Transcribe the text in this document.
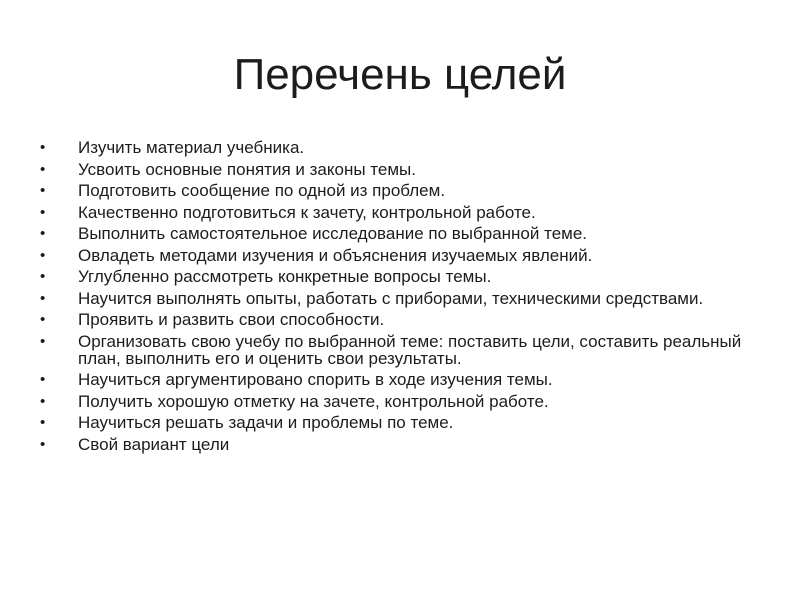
Перечень целей
•	Изучить материал учебника.
•	Усвоить основные понятия и законы темы.
•	Подготовить сообщение по одной из проблем.
•	Качественно подготовиться к зачету, контрольной работе.
•	Выполнить самостоятельное исследование по выбранной теме.
•	Овладеть методами изучения и объяснения изучаемых явлений.
•	Углубленно рассмотреть конкретные вопросы темы.
•	Научится выполнять опыты, работать с приборами, техническими средствами.
•	Проявить и развить свои способности.
•	Организовать свою учебу по выбранной теме: поставить цели, составить реальный план, выполнить его и оценить свои результаты.
•	Научиться аргументировано спорить в ходе изучения темы.
•	Получить хорошую отметку на зачете, контрольной работе.
•	Научиться решать задачи и проблемы по теме.
•	Свой вариант цели
